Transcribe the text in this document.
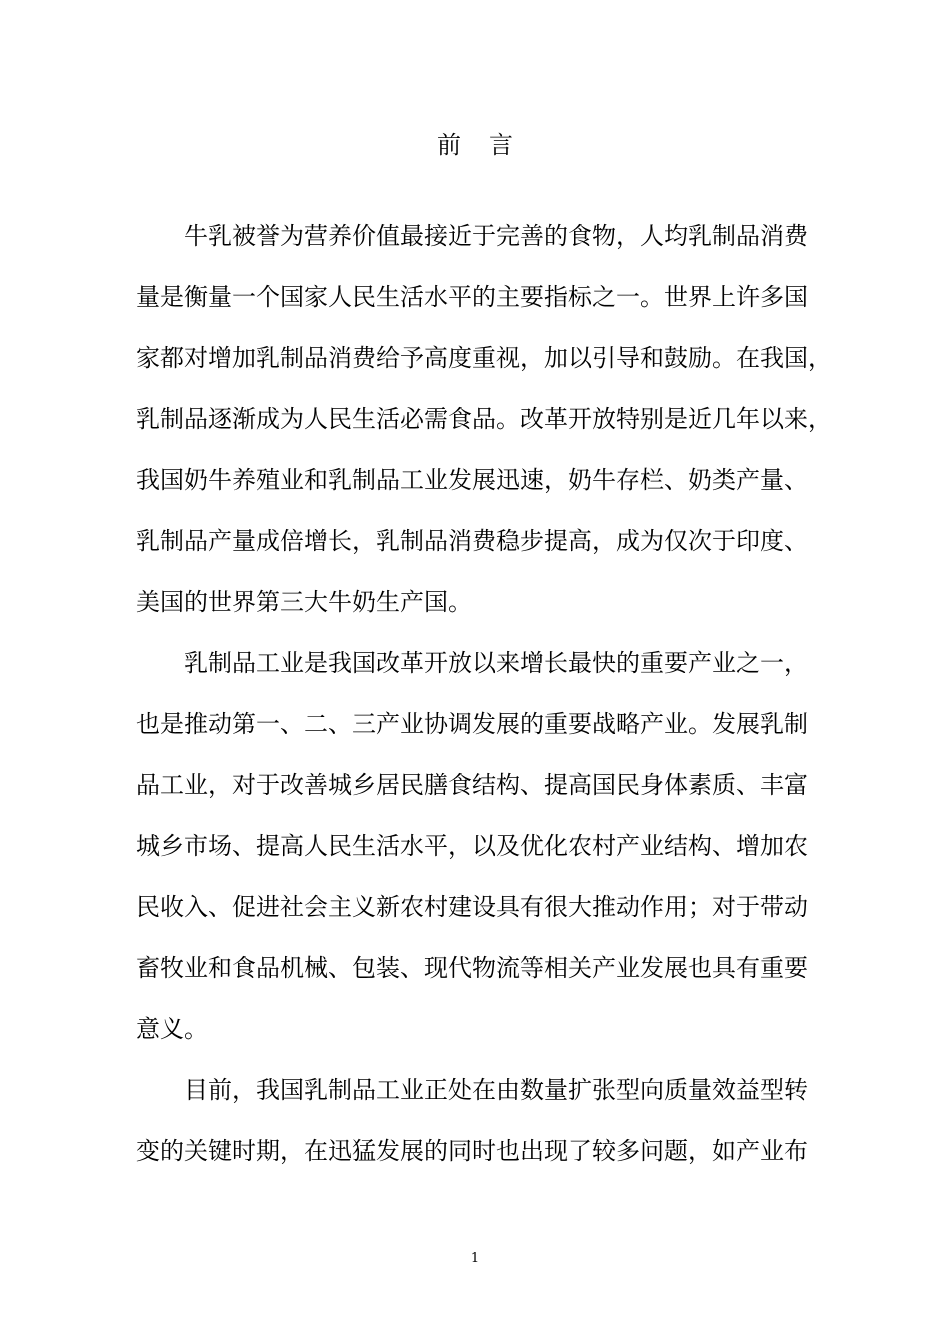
前言
牛乳被誉为营养价值最接近于完善的食物，人均乳制品消费
量是衡量一个国家人民生活水平的主要指标之一。世界上许多国
家都对增加乳制品消费给予高度重视，加以引导和鼓励。在我国，
乳制品逐渐成为人民生活必需食品。改革开放特别是近几年以来，
我国奶牛养殖业和乳制品工业发展迅速，奶牛存栏、奶类产量、
乳制品产量成倍增长，乳制品消费稳步提高，成为仅次于印度、
美国的世界第三大牛奶生产国。
乳制品工业是我国改革开放以来增长最快的重要产业之一，
也是推动第一、二、三产业协调发展的重要战略产业。发展乳制
品工业，对于改善城乡居民膳食结构、提高国民身体素质、丰富
城乡市场、提高人民生活水平，以及优化农村产业结构、增加农
民收入、促进社会主义新农村建设具有很大推动作用；对于带动
畜牧业和食品机械、包装、现代物流等相关产业发展也具有重要
意义。
目前，我国乳制品工业正处在由数量扩张型向质量效益型转
变的关键时期，在迅猛发展的同时也出现了较多问题，如产业布
1
